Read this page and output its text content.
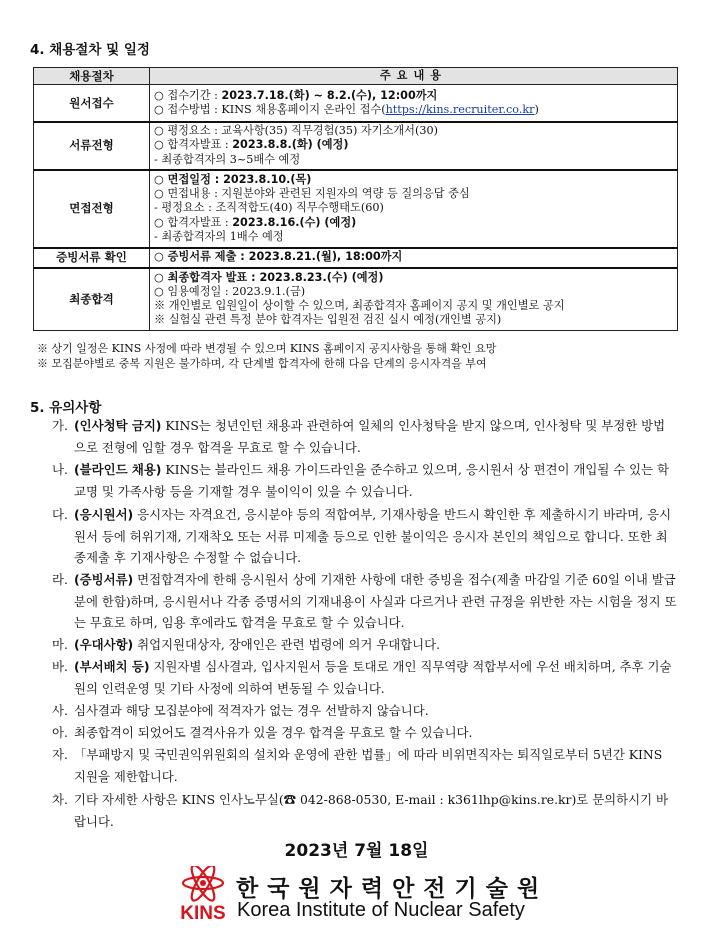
4. 채용절차 및 일정
채용절차	주요내용
원서접수	○ 접수기간 : 2023.7.18.(화) ~ 8.2.(수), 12:00까지
○ 접수방법 : KINS 채용홈페이지 온라인 접수(https://kins.recruiter.co.kr)

서류전형	○ 평정요소 : 교육사항(35) 직무경험(35) 자기소개서(30)
○ 합격자발표 : 2023.8.8.(화) (예정)
- 최종합격자의 3~5배수 예정

면접전형	○ 면접일정 : 2023.8.10.(목)
○ 면접내용 : 지원분야와 관련된 지원자의 역량 등 질의응답 중심
- 평정요소 : 조직적합도(40) 직무수행태도(60)
○ 합격자발표 : 2023.8.16.(수) (예정)
- 최종합격자의 1배수 예정

증빙서류 확인	○ 증빙서류 제출 : 2023.8.21.(월), 18:00까지

최종합격	○ 최종합격자 발표 : 2023.8.23.(수) (예정)
○ 임용예정일 : 2023.9.1.(금)
※ 개인별로 입원일이 상이할 수 있으며, 최종합격자 홈페이지 공지 및 개인별로 공지
※ 실험실 관련 특정 분야 합격자는 입원전 검진 실시 예정(개인별 공지)
※ 상기 일정은 KINS 사정에 따라 변경될 수 있으며 KINS 홈페이지 공지사항을 통해 확인 요망
※ 모집분야별로 중복 지원은 불가하며, 각 단계별 합격자에 한해 다음 단계의 응시자격을 부여
5. 유의사항
가. (인사청탁 금지) KINS는 청년인턴 채용과 관련하여 일체의 인사청탁을 받지 않으며, 인사청탁 및 부정한 방법으로 전형에 임할 경우 합격을 무효로 할 수 있습니다.
나. (블라인드 채용) KINS는 블라인드 채용 가이드라인을 준수하고 있으며, 응시원서 상 편견이 개입될 수 있는 학교명 및 가족사항 등을 기재할 경우 불이익이 있을 수 있습니다.
다. (응시원서) 응시자는 자격요건, 응시분야 등의 적합여부, 기재사항을 반드시 확인한 후 제출하시기 바라며, 응시원서 등에 허위기재, 기재착오 또는 서류 미제출 등으로 인한 불이익은 응시자 본인의 책임으로 합니다. 또한 최종제출 후 기재사항은 수정할 수 없습니다.
라. (증빙서류) 면접합격자에 한해 응시원서 상에 기재한 사항에 대한 증빙을 접수(제출 마감일 기준 60일 이내 발급분에 한함)하며, 응시원서나 각종 증명서의 기재내용이 사실과 다르거나 관련 규정을 위반한 자는 시험을 정지 또는 무효로 하며, 임용 후에라도 합격을 무효로 할 수 있습니다.
마. (우대사항) 취업지원대상자, 장애인은 관련 법령에 의거 우대합니다.
바. (부서배치 등) 지원자별 심사결과, 입사지원서 등을 토대로 개인 직무역량 적합부서에 우선 배치하며, 추후 기술원의 인력운영 및 기타 사정에 의하여 변동될 수 있습니다.
사. 심사결과 해당 모집분야에 적격자가 없는 경우 선발하지 않습니다.
아. 최종합격이 되었어도 결격사유가 있을 경우 합격을 무효로 할 수 있습니다.
자. 「부패방지 및 국민권익위원회의 설치와 운영에 관한 법률」에 따라 비위면직자는 퇴직일로부터 5년간 KINS 지원을 제한합니다.
차. 기타 자세한 사항은 KINS 인사노무실(☎ 042-868-0530, E-mail : k361lhp@kins.re.kr)로 문의하시기 바랍니다.
2023년 7월 18일
KINS
한국원자력안전기술원
Korea Institute of Nuclear Safety
